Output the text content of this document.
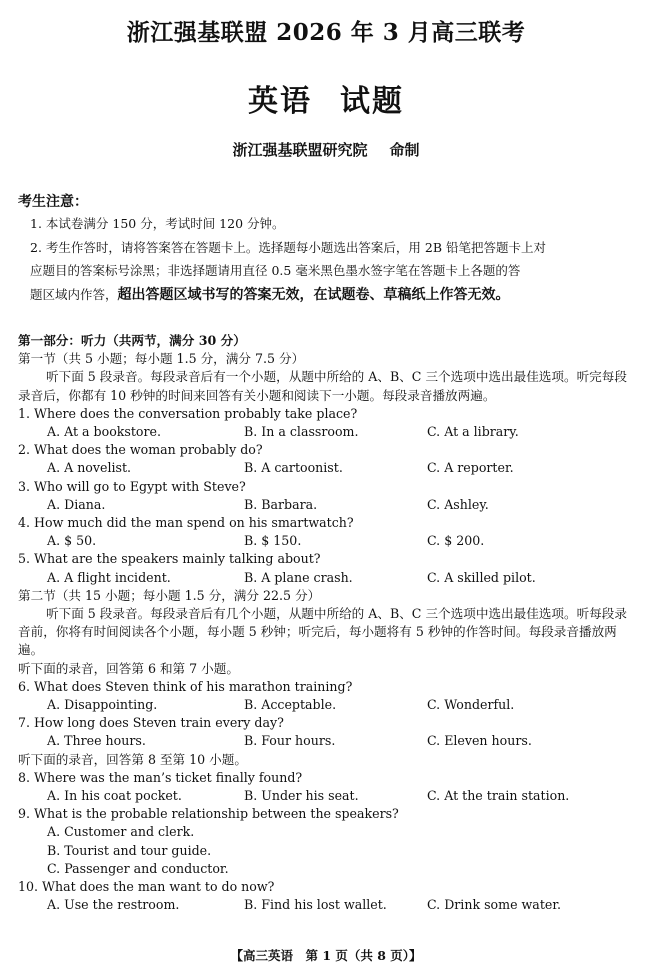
浙江强基联盟 2026 年 3 月高三联考
英语 试题
浙江强基联盟研究院 命制
考生注意：
1. 本试卷满分 150 分，考试时间 120 分钟。
2. 考生作答时，请将答案答在答题卡上。选择题每小题选出答案后，用 2B 铅笔把答题卡上对
应题目的答案标号涂黑；非选择题请用直径 0.5 毫米黑色墨水签字笔在答题卡上各题的答
题区域内作答，超出答题区域书写的答案无效，在试题卷、草稿纸上作答无效。
第一部分：听力（共两节，满分 30 分）
第一节（共 5 小题；每小题 1.5 分，满分 7.5 分）
听下面 5 段录音。每段录音后有一个小题，从题中所给的 A、B、C 三个选项中选出最佳选项。听完每段录音后，你都有 10 秒钟的时间来回答有关小题和阅读下一小题。每段录音播放两遍。
1. Where does the conversation probably take place?
A. At a bookstore.	B. In a classroom.	C. At a library.
2. What does the woman probably do?
A. A novelist.	B. A cartoonist.	C. A reporter.
3. Who will go to Egypt with Steve?
A. Diana.	B. Barbara.	C. Ashley.
4. How much did the man spend on his smartwatch?
A. $ 50.	B. $ 150.	C. $ 200.
5. What are the speakers mainly talking about?
A. A flight incident.	B. A plane crash.	C. A skilled pilot.
第二节（共 15 小题；每小题 1.5 分，满分 22.5 分）
听下面 5 段录音。每段录音后有几个小题，从题中所给的 A、B、C 三个选项中选出最佳选项。听每段录音前，你将有时间阅读各个小题，每小题 5 秒钟；听完后，每小题将有 5 秒钟的作答时间。每段录音播放两遍。
听下面的录音，回答第 6 和第 7 小题。
6. What does Steven think of his marathon training?
A. Disappointing.	B. Acceptable.	C. Wonderful.
7. How long does Steven train every day?
A. Three hours.	B. Four hours.	C. Eleven hours.
听下面的录音，回答第 8 至第 10 小题。
8. Where was the man’s ticket finally found?
A. In his coat pocket.	B. Under his seat.	C. At the train station.
9. What is the probable relationship between the speakers?
A. Customer and clerk.
B. Tourist and tour guide.
C. Passenger and conductor.
10. What does the man want to do now?
A. Use the restroom.	B. Find his lost wallet.	C. Drink some water.
【高三英语　第 1 页（共 8 页）】
